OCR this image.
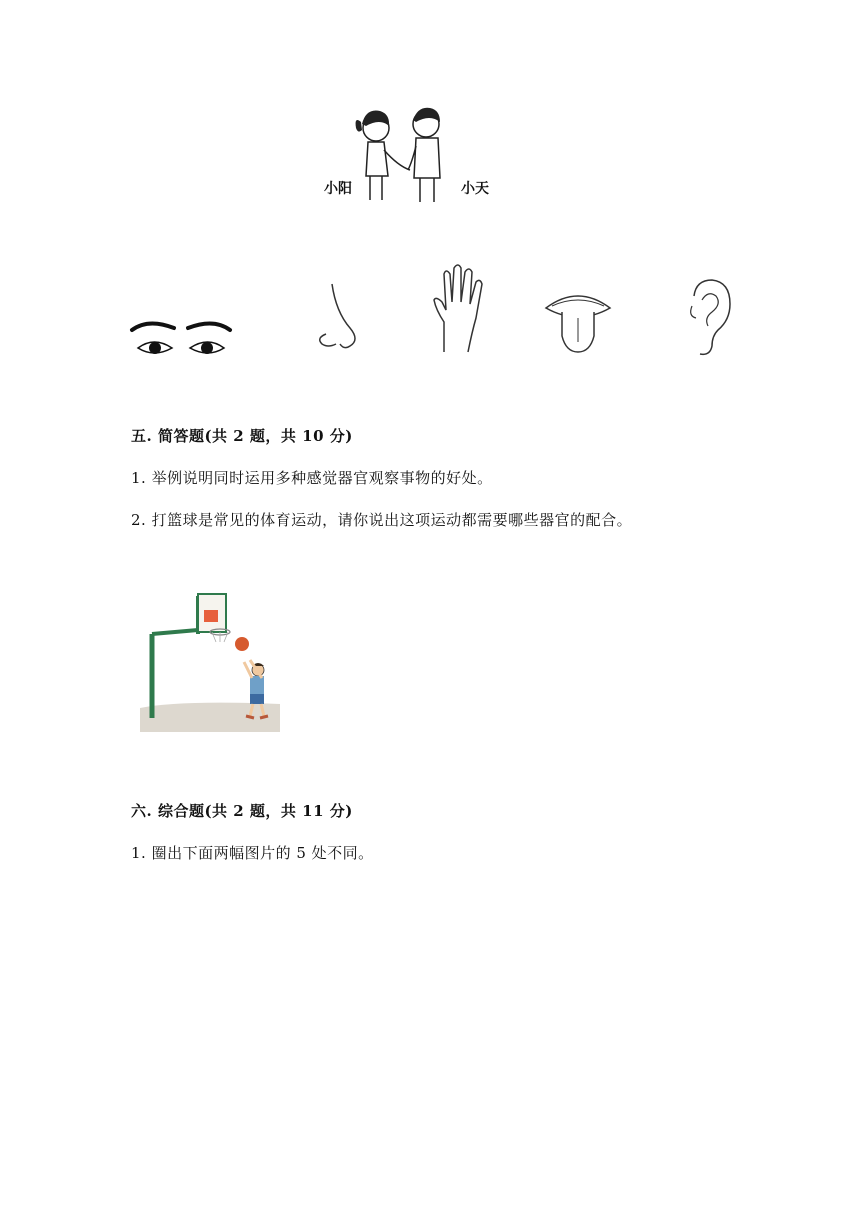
小阳	小天
五. 简答题(共 2 题，共 10 分)
1. 举例说明同时运用多种感觉器官观察事物的好处。
2. 打篮球是常见的体育运动，请你说出这项运动都需要哪些器官的配合。
六. 综合题(共 2 题，共 11 分)
1. 圈出下面两幅图片的 5 处不同。
